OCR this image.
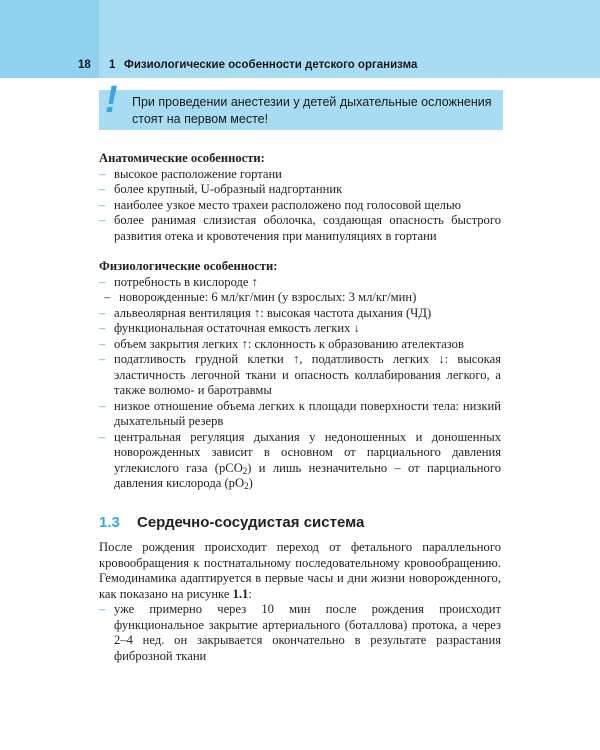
18 1 Физиологические особенности детского организма
! При проведении анестезии у детей дыхательные осложнения стоят на первом месте!
Анатомические особенности:
– высокое расположение гортани
– более крупный, U-образный надгортанник
– наиболее узкое место трахеи расположено под голосовой щелью
– более ранимая слизистая оболочка, создающая опасность быстрого развития отека и кровотечения при манипуляциях в гортани
Физиологические особенности:
– потребность в кислороде ↑
– новорожденные: 6 мл/кг/мин (у взрослых: 3 мл/кг/мин)
– альвеолярная вентиляция ↑: высокая частота дыхания (ЧД)
– функциональная остаточная емкость легких ↓
– объем закрытия легких ↑: склонность к образованию ателектазов
– податливость грудной клетки ↑, податливость легких ↓: высокая эластичность легочной ткани и опасность коллабирования легкого, а также волюмо- и баротравмы
– низкое отношение объема легких к площади поверхности тела: низкий дыхательный резерв
– центральная регуляция дыхания у недоношенных и доношенных новорожденных зависит в основном от парциального давления углекислого газа (pCO$_2$) и лишь незначительно – от парциального давления кислорода $(pO_2)$
1.3 Сердечно-сосудистая система
После рождения происходит переход от фетального параллельного кровообращения к постнатальному последовательному кровообращению. Гемодинамика адаптируется в первые часы и дни жизни новорожденного, как показано на рисунке 1.1:
– уже примерно через 10 мин после рождения происходит функциональное закрытие артериального (боталлова) протока, а через 2–4 нед. он закрывается окончательно в результате разрастания фиброзной ткани
